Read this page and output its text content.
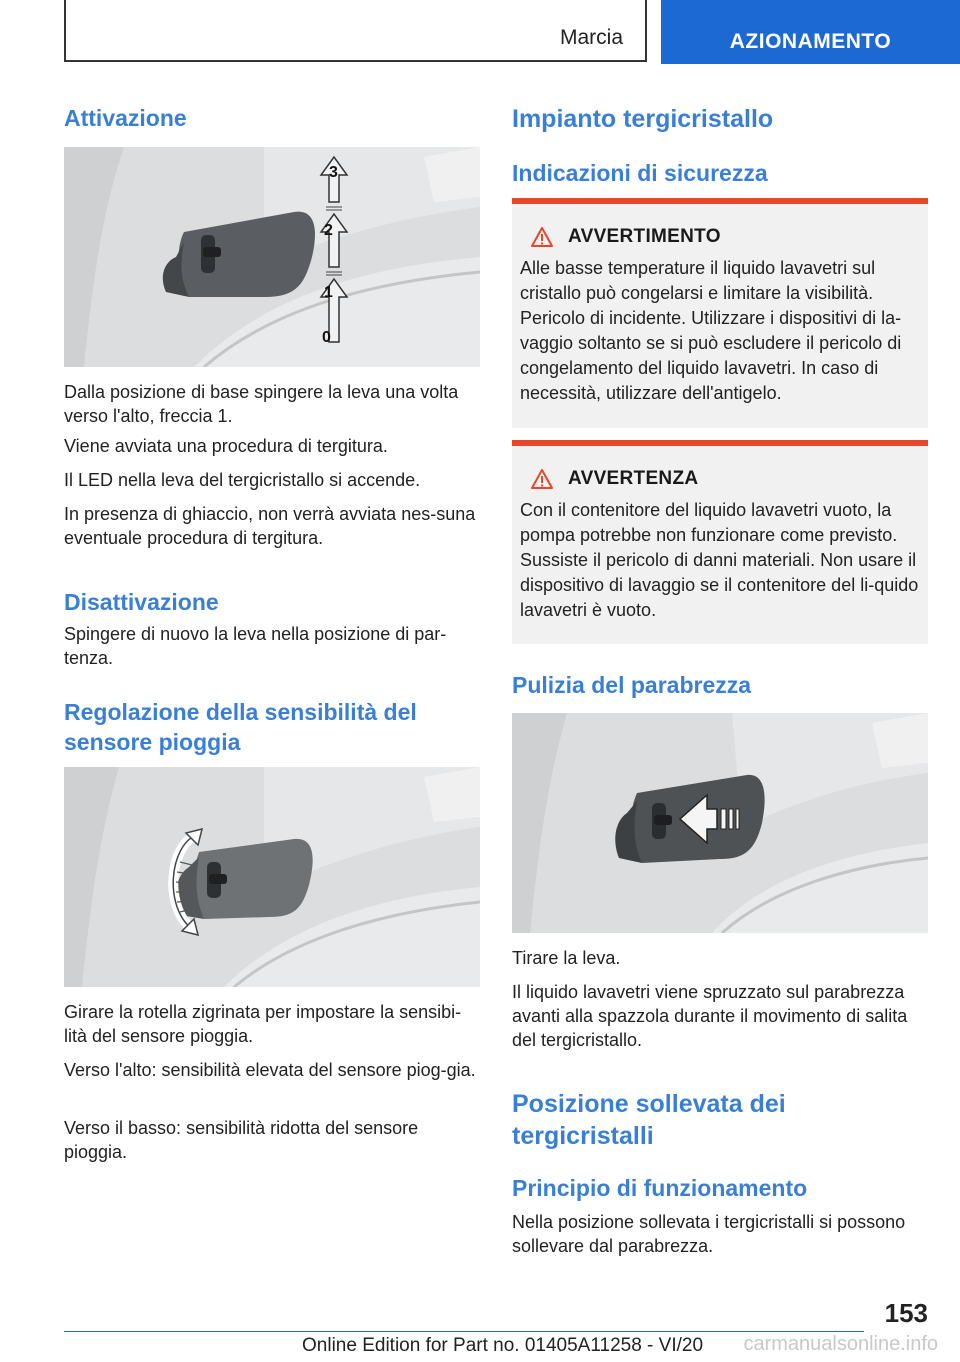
Marcia	AZIONAMENTO
Attivazione
3
2
1
0

Dalla posizione di base spingere la leva una volta verso l'alto, freccia 1.

Viene avviata una procedura di tergitura.

Il LED nella leva del tergicristallo si accende.

In presenza di ghiaccio, non verrà avviata nes-suna eventuale procedura di tergitura.

Disattivazione

Spingere di nuovo la leva nella posizione di par-tenza.

Regolazione della sensibilità del
sensore pioggia

Girare la rotella zigrinata per impostare la sensibi-lità del sensore pioggia.

Verso l'alto: sensibilità elevata del sensore piog-gia.

Verso il basso: sensibilità ridotta del sensore pioggia.

Impianto tergicristallo
Indicazioni di sicurezza
AVVERTIMENTO

Alle basse temperature il liquido lavavetri sul cristallo può congelarsi e limitare la visibilità. Pericolo di incidente. Utilizzare i dispositivi di la-vaggio soltanto se si può escludere il pericolo di congelamento del liquido lavavetri. In caso di necessità, utilizzare dell'antigelo.

AVVERTENZA

Con il contenitore del liquido lavavetri vuoto, la pompa potrebbe non funzionare come previsto. Sussiste il pericolo di danni materiali. Non usare il dispositivo di lavaggio se il contenitore del li-quido lavavetri è vuoto.

Pulizia del parabrezza

Tirare la leva.

Il liquido lavavetri viene spruzzato sul parabrezza avanti alla spazzola durante il movimento di salita del tergicristallo.

Posizione sollevata dei
tergicristalli
Principio di funzionamento

Nella posizione sollevata i tergicristalli si possono sollevare dal parabrezza.

153
Online Edition for Part no. 01405A11258 - VI/20 carmanualsonline.info
